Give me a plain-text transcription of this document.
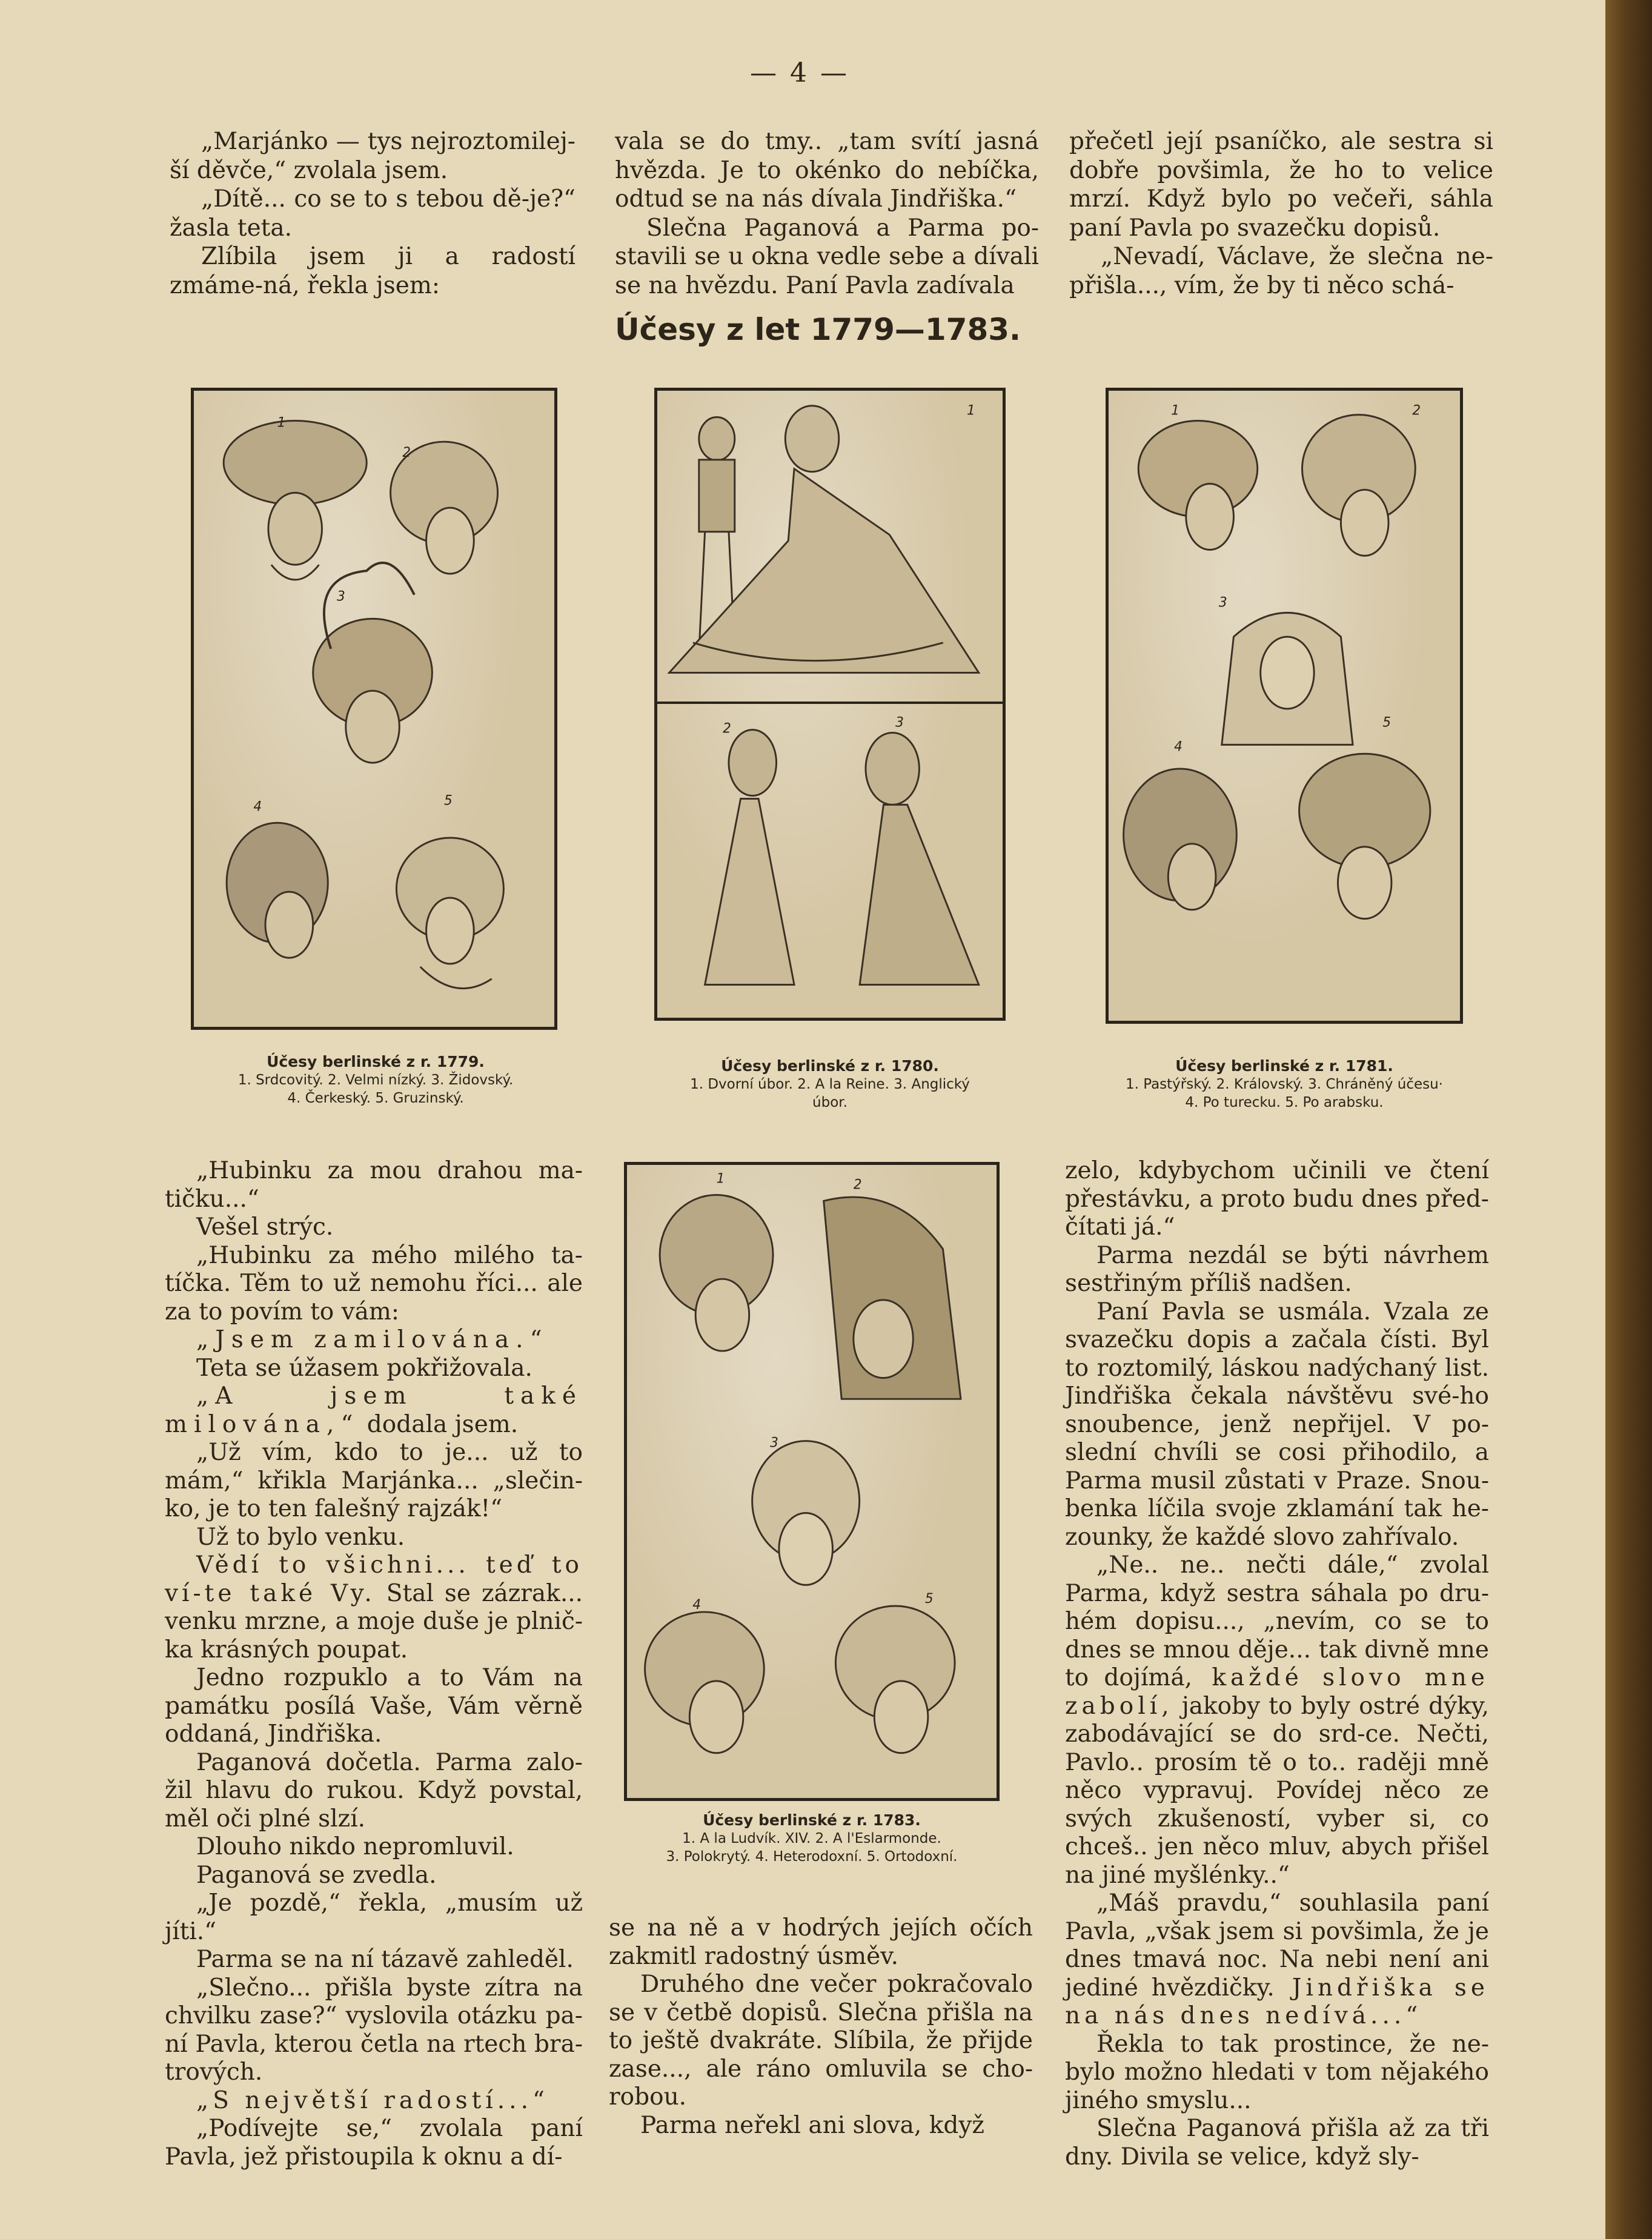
— 4 —

„Marjánko — tys nejroztomilej-ší děvče,“ zvolala jsem.

„Dítě... co se to s tebou dě-je?“ žasla teta.

Zlíbila jsem ji a radostí zmáme-ná, řekla jsem:

vala se do tmy.. „tam svítí jasná hvězda. Je to okénko do nebíčka, odtud se na nás dívala Jindřiška.“

Slečna Paganová a Parma po-stavili se u okna vedle sebe a dívali se na hvězdu. Paní Pavla zadívala

přečetl její psaníčko, ale sestra si dobře povšimla, že ho to velice mrzí. Když bylo po večeři, sáhla paní Pavla po svazečku dopisů.

„Nevadí, Václave, že slečna ne-přišla..., vím, že by ti něco schá-

Účesy z let 1779—1783.
1
2
3
4	5
Účesy berlinské z r. 1779.
1. Srdcovitý. 2. Velmi nízký. 3. Židovský.
4. Čerkeský. 5. Gruzinský.
1
2	3
Účesy berlinské z r. 1780.
1. Dvorní úbor. 2. A la Reine. 3. Anglický
úbor.
1	2
3
4
5
Účesy berlinské z r. 1781.
1. Pastýřský. 2. Královský. 3. Chráněný účesu·
4. Po turecku. 5. Po arabsku.
1	2
3
4	5
Účesy berlinské z r. 1783.
1. A la Ludvík. XIV. 2. A l'Eslarmonde.
3. Polokrytý. 4. Heterodoxní. 5. Ortodoxní.

„Hubinku za mou drahou ma-tičku...“

Vešel strýc.

„Hubinku za mého milého ta-tíčka. Těm to už nemohu říci... ale za to povím to vám:

„Jsem zamilována.“

Teta se úžasem pokřižovala.

„A jsem také milována,“ dodala jsem.

„Už vím, kdo to je... už to mám,“ křikla Marjánka... „slečin-ko, je to ten falešný rajzák!“

Už to bylo venku.

Vědí to všichni... teď to ví-te také Vy. Stal se zázrak... venku mrzne, a moje duše je plnič-ka krásných poupat.

Jedno rozpuklo a to Vám na památku posílá Vaše, Vám věrně oddaná, Jindřiška.

Paganová dočetla. Parma zalo-žil hlavu do rukou. Když povstal, měl oči plné slzí.

Dlouho nikdo nepromluvil.

Paganová se zvedla.

„Je pozdě,“ řekla, „musím už jíti.“

Parma se na ní tázavě zahleděl.

„Slečno... přišla byste zítra na chvilku zase?“ vyslovila otázku pa-ní Pavla, kterou četla na rtech bra-trových.

„S největší radostí...“

„Podívejte se,“ zvolala paní Pavla, jež přistoupila k oknu a dí-

se na ně a v hodrých jejích očích zakmitl radostný úsměv.

Druhého dne večer pokračovalo se v četbě dopisů. Slečna přišla na to ještě dvakráte. Slíbila, že přijde zase..., ale ráno omluvila se cho-robou.

Parma neřekl ani slova, když

zelo, kdybychom učinili ve čtení přestávku, a proto budu dnes před-čítati já.“

Parma nezdál se býti návrhem sestřiným příliš nadšen.

Paní Pavla se usmála. Vzala ze svazečku dopis a začala čísti. Byl to roztomilý, láskou nadýchaný list. Jindřiška čekala návštěvu své-ho snoubence, jenž nepřijel. V po-slední chvíli se cosi přihodilo, a Parma musil zůstati v Praze. Snou-benka líčila svoje zklamání tak he-zounky, že každé slovo zahřívalo.

„Ne.. ne.. nečti dále,“ zvolal Parma, když sestra sáhala po dru-hém dopisu..., „nevím, co se to dnes se mnou děje... tak divně mne to dojímá, každé slovo mne zabolí, jakoby to byly ostré dýky, zabodávající se do srd-ce. Nečti, Pavlo.. prosím tě o to.. raději mně něco vypravuj. Povídej něco ze svých zkušeností, vyber si, co chceš.. jen něco mluv, abych přišel na jiné myšlénky..“

„Máš pravdu,“ souhlasila paní Pavla, „však jsem si povšimla, že je dnes tmavá noc. Na nebi není ani jediné hvězdičky. Jindřiška se na nás dnes nedívá...“

Řekla to tak prostince, že ne-bylo možno hledati v tom nějakého jiného smyslu...

Slečna Paganová přišla až za tři dny. Divila se velice, když sly-
